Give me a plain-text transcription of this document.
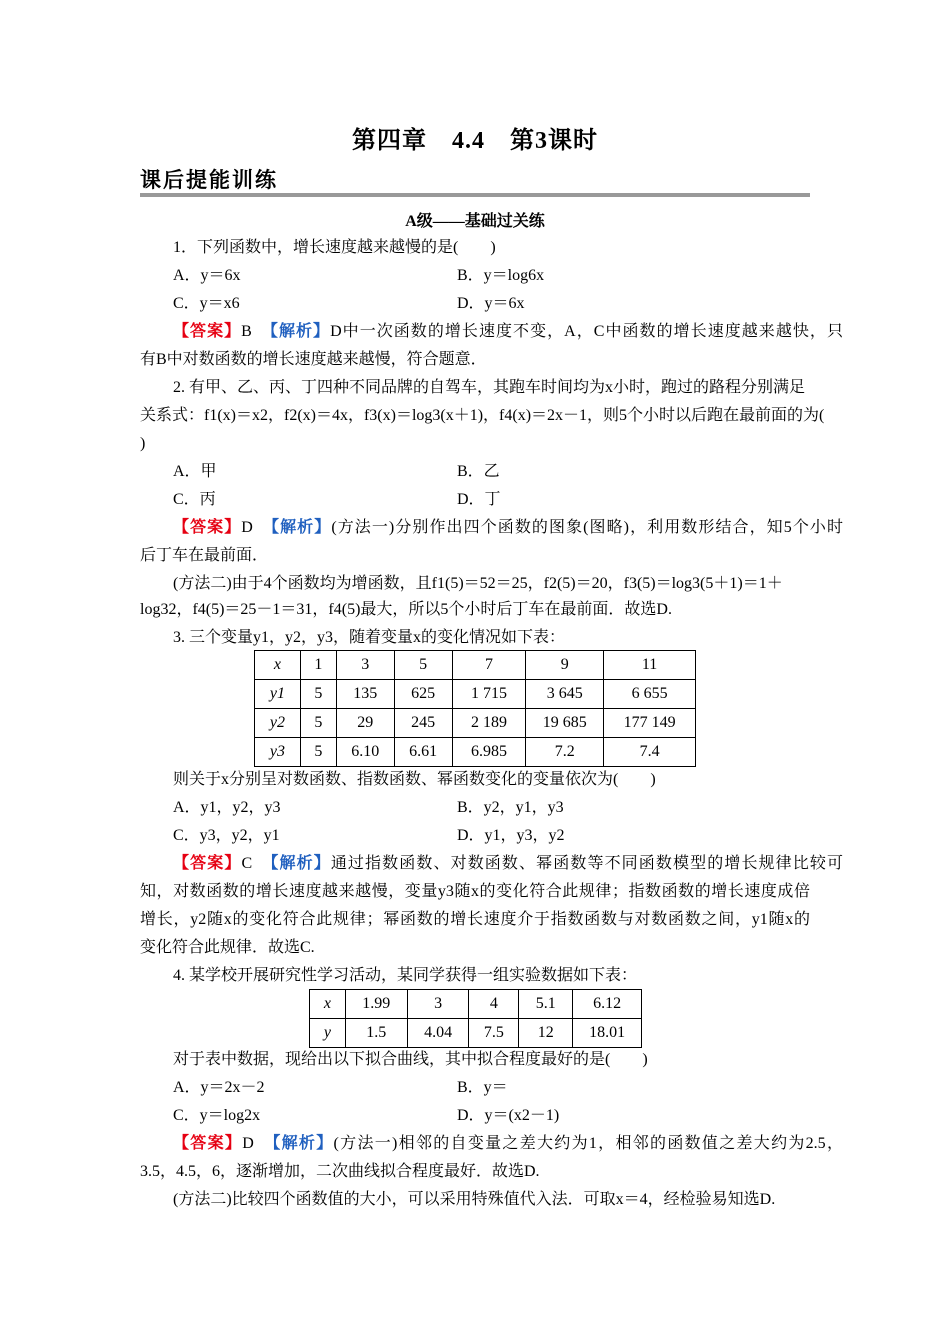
第四章　4.4　第3课时
课后提能训练
A级——基础过关练
1．下列函数中，增长速度越来越慢的是(　　)
A．y＝6x	B．y＝log6x
C．y＝x6	D．y＝6x
【答案】B　 【解析】D中一次函数的增长速度不变，A，C中函数的增长速度越来越快，只
有B中对数函数的增长速度越来越慢，符合题意．
2. 有甲、乙、丙、丁四种不同品牌的自驾车，其跑车时间均为x小时，跑过的路程分别满足
关系式：f1(x)＝x2，f2(x)＝4x，f3(x)＝log3(x＋1)，f4(x)＝2x－1，则5个小时以后跑在最前面的为(
)
A．甲	B．乙
C．丙	D．丁
【答案】D　 【解析】(方法一)分别作出四个函数的图象(图略)，利用数形结合，知5个小时
后丁车在最前面．
(方法二)由于4个函数均为增函数，且f1(5)＝52＝25，f2(5)＝20，f3(5)＝log3(5＋1)＝1＋
log32，f4(5)＝25－1＝31，f4(5)最大，所以5个小时后丁车在最前面．故选D.
3. 三个变量y1，y2，y3，随着变量x的变化情况如下表：
x	1	3	5	7	9	11
y1	5	135	625	1 715	3 645	6 655
y2	5	29	245	2 189	19 685	177 149
y3	5	6.10	6.61	6.985	7.2	7.4
则关于x分别呈对数函数、指数函数、幂函数变化的变量依次为(　　)
A．y1，y2，y3	B．y2，y1，y3
C．y3，y2，y1	D．y1，y3，y2
【答案】C　 【解析】通过指数函数、对数函数、幂函数等不同函数模型的增长规律比较可
知，对数函数的增长速度越来越慢，变量y3随x的变化符合此规律；指数函数的增长速度成倍
增长，y2随x的变化符合此规律；幂函数的增长速度介于指数函数与对数函数之间，y1随x的
变化符合此规律．故选C.
4. 某学校开展研究性学习活动，某同学获得一组实验数据如下表：
x	1.99	3	4	5.1	6.12
y	1.5	4.04	7.5	12	18.01
对于表中数据，现给出以下拟合曲线，其中拟合程度最好的是(　　)
A．y＝2x－2	B．y＝
C．y＝log2x	D．y＝(x2－1)
【答案】D　 【解析】(方法一)相邻的自变量之差大约为1，相邻的函数值之差大约为2.5，
3.5，4.5，6，逐渐增加，二次曲线拟合程度最好．故选D.
(方法二)比较四个函数值的大小，可以采用特殊值代入法．可取x＝4，经检验易知选D.
